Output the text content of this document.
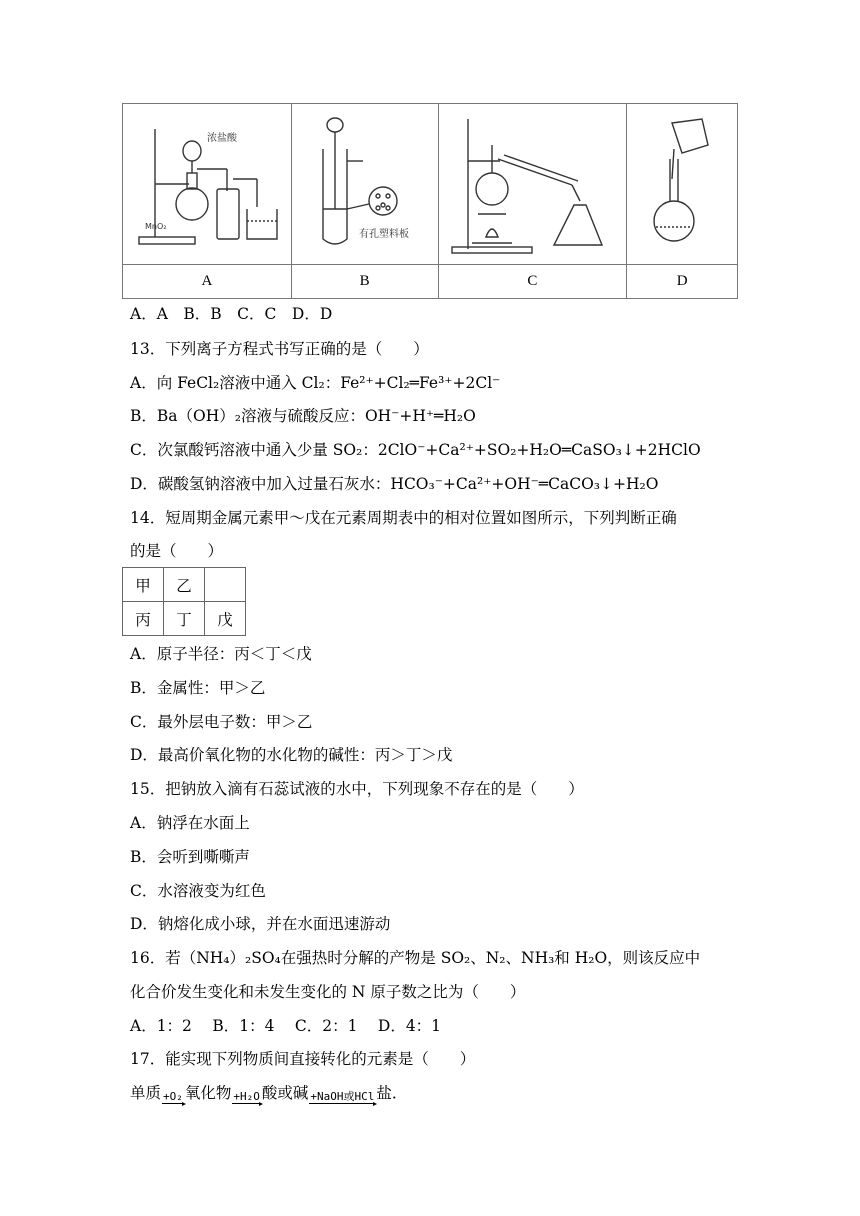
浓盐酸
MnO₂	有孔塑料板

A	B	C	D
A．A　B．B　C．C　D．D
13．下列离子方程式书写正确的是（　　）
A．向 FeCl₂溶液中通入 Cl₂：Fe²⁺+Cl₂═Fe³⁺+2Cl⁻
B．Ba（OH）₂溶液与硫酸反应：OH⁻+H⁺═H₂O
C．次氯酸钙溶液中通入少量 SO₂：2ClO⁻+Ca²⁺+SO₂+H₂O═CaSO₃↓+2HClO
D．碳酸氢钠溶液中加入过量石灰水：HCO₃⁻+Ca²⁺+OH⁻═CaCO₃↓+H₂O
14．短周期金属元素甲～戊在元素周期表中的相对位置如图所示，下列判断正确
的是（　　）
甲	乙	
丙	丁	戊
A．原子半径：丙＜丁＜戊
B．金属性：甲＞乙
C．最外层电子数：甲＞乙
D．最高价氧化物的水化物的碱性：丙＞丁＞戊
15．把钠放入滴有石蕊试液的水中，下列现象不存在的是（　　）
A．钠浮在水面上
B．会听到嘶嘶声
C．水溶液变为红色
D．钠熔化成小球，并在水面迅速游动
16．若（NH₄）₂SO₄在强热时分解的产物是 SO₂、N₂、NH₃和 H₂O，则该反应中
化合价发生变化和未发生变化的 N 原子数之比为（　　）
A．1：2　 B．1：4　 C．2：1　 D．4：1
17．能实现下列物质间直接转化的元素是（　　）
单质 +O₂ 氧化物 +H₂O 酸或碱 +NaOH或HCl 盐．
